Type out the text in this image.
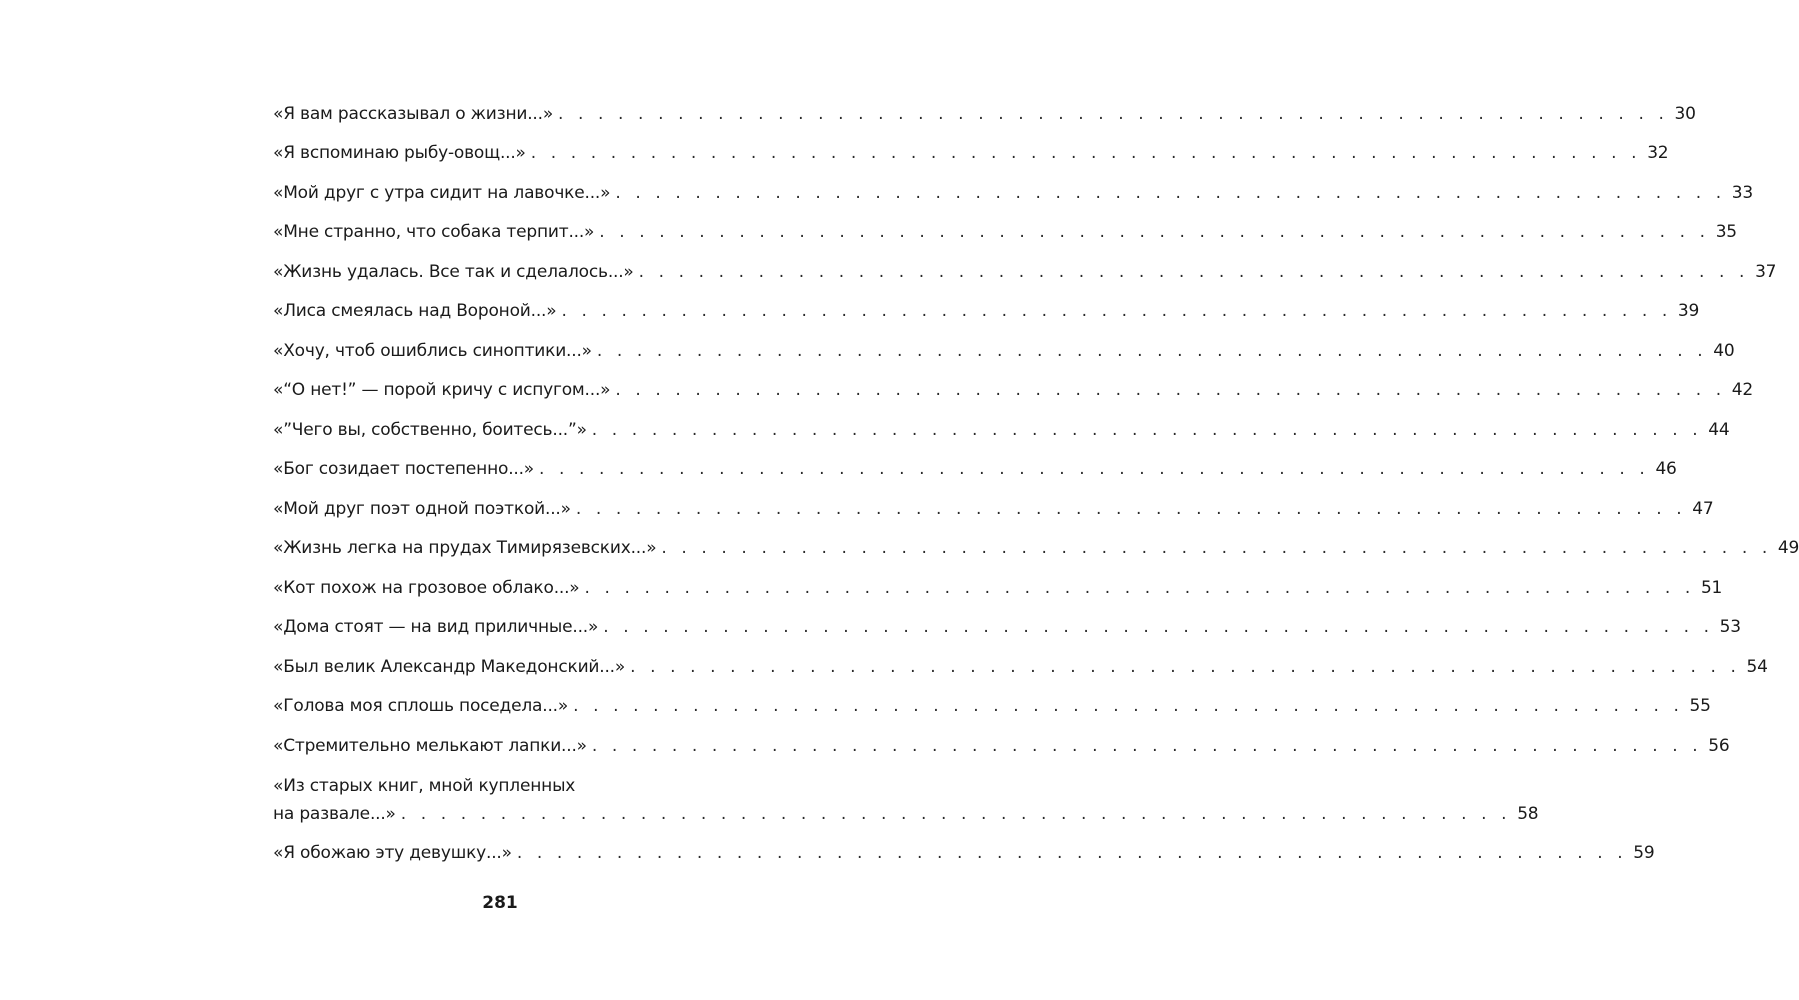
«Я вам рассказывал о жизни...» . . . . . . . . . . . . . . . . . . . . . . . . . . . . . . . . . . . . . . . . . . . . . . . . . . . . . . . . 30
«Я вспоминаю рыбу-овощ...» . . . . . . . . . . . . . . . . . . . . . . . . . . . . . . . . . . . . . . . . . . . . . . . . . . . . . . . . 32
«Мой друг с утра сидит на лавочке...» . . . . . . . . . . . . . . . . . . . . . . . . . . . . . . . . . . . . . . . . . . . . . . . . . . . . . . . . 33
«Мне странно, что собака терпит...» . . . . . . . . . . . . . . . . . . . . . . . . . . . . . . . . . . . . . . . . . . . . . . . . . . . . . . . . 35
«Жизнь удалась. Все так и сделалось...» . . . . . . . . . . . . . . . . . . . . . . . . . . . . . . . . . . . . . . . . . . . . . . . . . . . . . . . . 37
«Лиса смеялась над Вороной...» . . . . . . . . . . . . . . . . . . . . . . . . . . . . . . . . . . . . . . . . . . . . . . . . . . . . . . . . 39
«Хочу, чтоб ошиблись синоптики...» . . . . . . . . . . . . . . . . . . . . . . . . . . . . . . . . . . . . . . . . . . . . . . . . . . . . . . . . 40
«“О нет!” — порой кричу с испугом...» . . . . . . . . . . . . . . . . . . . . . . . . . . . . . . . . . . . . . . . . . . . . . . . . . . . . . . . . 42
«”Чего вы, собственно, боитесь...”» . . . . . . . . . . . . . . . . . . . . . . . . . . . . . . . . . . . . . . . . . . . . . . . . . . . . . . . . 44
«Бог созидает постепенно...» . . . . . . . . . . . . . . . . . . . . . . . . . . . . . . . . . . . . . . . . . . . . . . . . . . . . . . . . 46
«Мой друг поэт одной поэткой...» . . . . . . . . . . . . . . . . . . . . . . . . . . . . . . . . . . . . . . . . . . . . . . . . . . . . . . . . 47
«Жизнь легка на прудах Тимирязевских...» . . . . . . . . . . . . . . . . . . . . . . . . . . . . . . . . . . . . . . . . . . . . . . . . . . . . . . . . 49
«Кот похож на грозовое облако...» . . . . . . . . . . . . . . . . . . . . . . . . . . . . . . . . . . . . . . . . . . . . . . . . . . . . . . . . 51
«Дома стоят — на вид приличные...» . . . . . . . . . . . . . . . . . . . . . . . . . . . . . . . . . . . . . . . . . . . . . . . . . . . . . . . . 53
«Был велик Александр Македонский...» . . . . . . . . . . . . . . . . . . . . . . . . . . . . . . . . . . . . . . . . . . . . . . . . . . . . . . . . 54
«Голова моя сплошь поседела...» . . . . . . . . . . . . . . . . . . . . . . . . . . . . . . . . . . . . . . . . . . . . . . . . . . . . . . . . 55
«Стремительно мелькают лапки...» . . . . . . . . . . . . . . . . . . . . . . . . . . . . . . . . . . . . . . . . . . . . . . . . . . . . . . . . 56
«Из старых книг, мной купленных
на развале...» . . . . . . . . . . . . . . . . . . . . . . . . . . . . . . . . . . . . . . . . . . . . . . . . . . . . . . . . 58
«Я обожаю эту девушку...» . . . . . . . . . . . . . . . . . . . . . . . . . . . . . . . . . . . . . . . . . . . . . . . . . . . . . . . . 59
281
